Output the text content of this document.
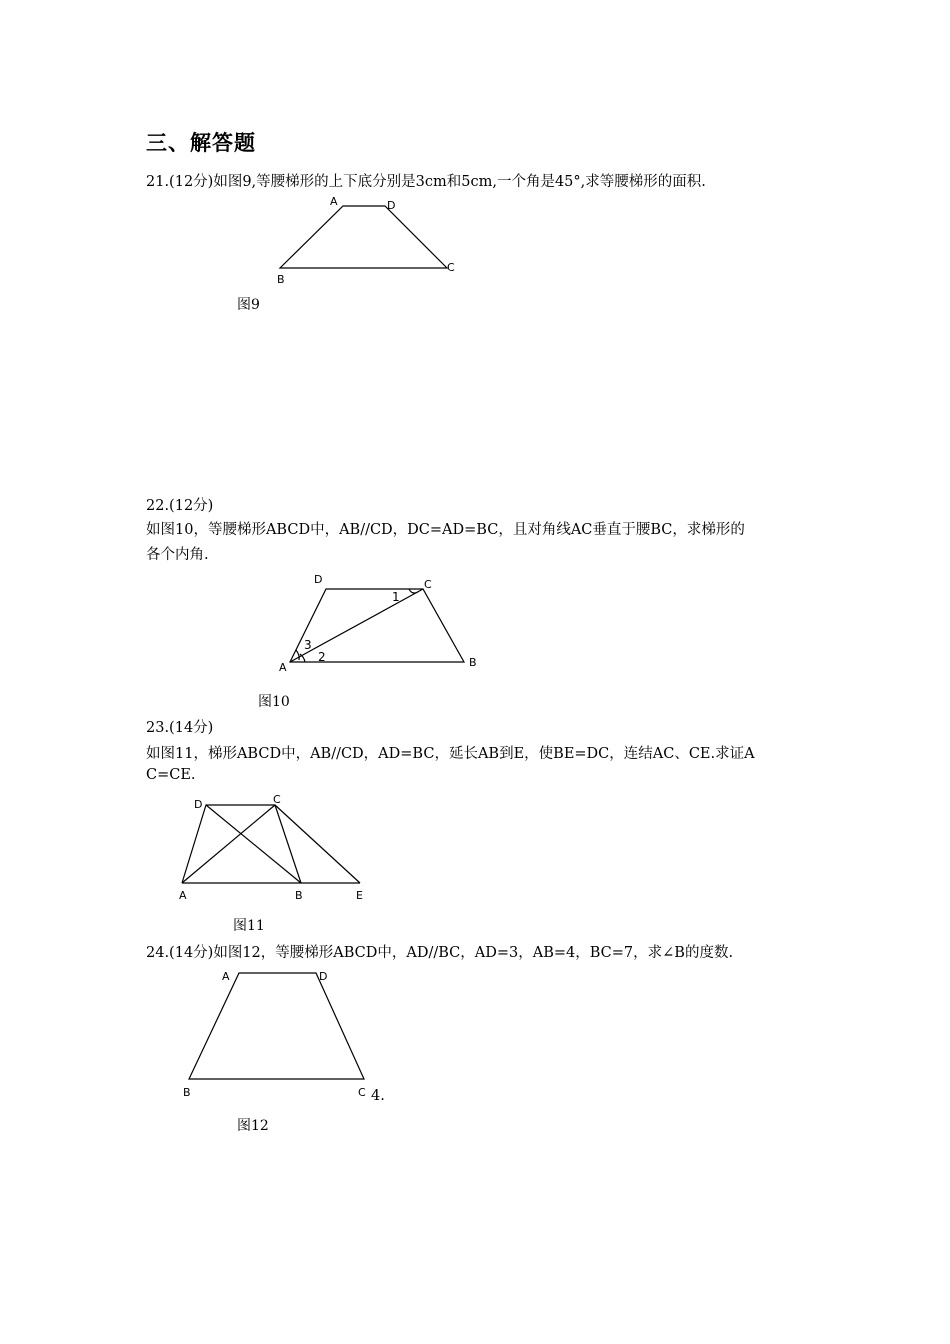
三、解答题
21.(12分)如图9,等腰梯形的上下底分别是3cm和5cm,一个角是45°,求等腰梯形的面积.
A	D
B
C
图9
22.(12分)
如图10，等腰梯形ABCD中，AB//CD，DC=AD=BC，且对角线AC垂直于腰BC，求梯形的
各个内角.
D	C
A	B
1
3
2
图10
23.(14分)
如图11，梯形ABCD中，AB//CD，AD=BC，延长AB到E，使BE=DC，连结AC、CE.求证A
C=CE.
D	C
A	B	E
图11
24.(14分)如图12，等腰梯形ABCD中，AD//BC，AD=3，AB=4，BC=7，求∠B的度数.
A	D
B	C 4.
图12
